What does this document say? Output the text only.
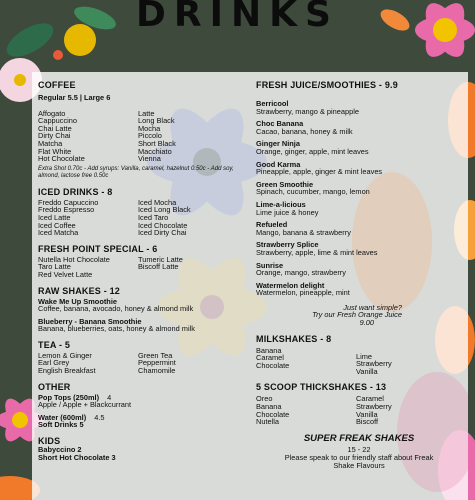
DRINKS
COFFEE
Regular 5.5 | Large 6
Affogato
Cappuccino
Chai Latte
Dirty Chai
Matcha
Flat White
Hot Chocolate
Latte
Long Black
Mocha
Piccolo
Short Black
Macchiato
Vienna
Extra Shot 0.70c - Add syrups: Vanilla, caramel, hazelnut 0.50c - Add soy, almond, lactose free 0.50c
ICED DRINKS - 8
Freddo Capuccino
Freddo Espresso
Iced Latte
Iced Coffee
Iced Matcha
Iced Mocha
Iced Long Black
Iced Taro
Iced Chocolate
Iced Dirty Chai
FRESH POINT SPECIAL - 6
Nutella Hot Chocolate
Taro Latte
Red Velvet Latte
Tumeric Latte
Biscoff Latte
RAW SHAKES - 12
Wake Me Up Smoothie
Coffee, banana, avocado, honey & almond milk
Blueberry - Banana Smoothie
Banana, blueberries, oats, honey & almond milk
TEA - 5
Lemon & Ginger
Earl Grey
English Breakfast
Green Tea
Peppermint
Chamomile
OTHER
Pop Tops (250ml) 4
Apple / Apple + Blackcurrant
Water (600ml) 4.5
Soft Drinks 5
KIDS
Babyccino 2
Short Hot Chocolate 3
FRESH JUICE/SMOOTHIES - 9.9
Berricool
Strawberry, mango & pineapple
Choc Banana
Cacao, banana, honey & milk
Ginger Ninja
Orange, ginger, apple, mint leaves
Good Karma
Pineapple, apple, ginger & mint leaves
Green Smoothie
Spinach, cucumber, mango, lemon
Lime-a-licious
Lime juice & honey
Refueled
Mango, banana & strawberry
Strawberry Splice
Strawberry, apple, lime & mint leaves
Sunrise
Orange, mango, strawberry
Watermelon delight
Watermelon, pineapple, mint
Just want simple?
Try our Fresh Orange Juice
9.00
MILKSHAKES - 8
Banana
Caramel
Chocolate
Lime
Strawberry
Vanilla
5 SCOOP THICKSHAKES - 13
Oreo
Banana
Chocolate
Nutella
Caramel
Strawberry
Vanilla
Biscoff
SUPER FREAK SHAKES
15 - 22
Please speak to our friendly staff about Freak Shake Flavours
